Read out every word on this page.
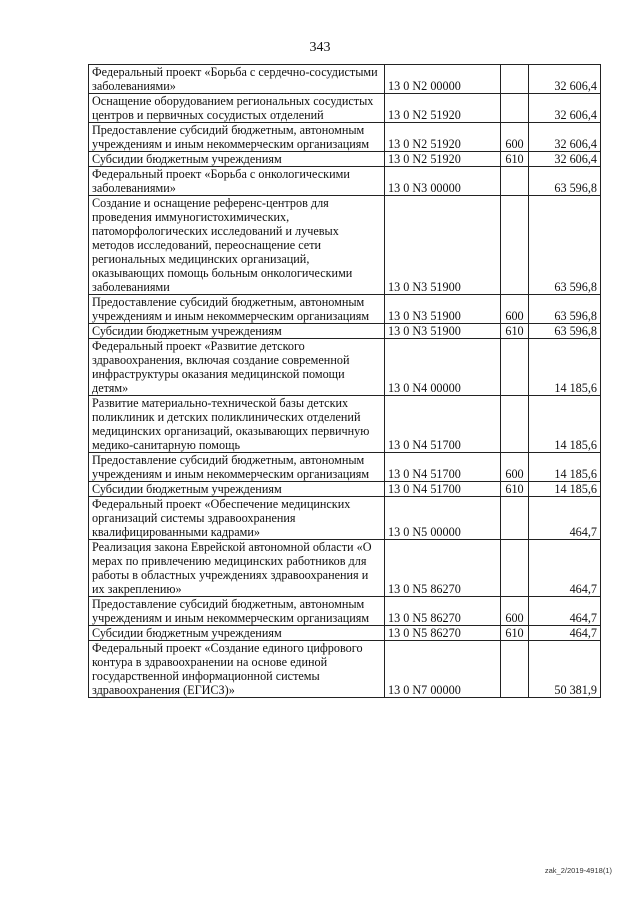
343
Федеральный проект «Борьба с сердечно-сосудистыми заболеваниями»	13 0 N2 00000		32 606,4
Оснащение оборудованием региональных сосудистых центров и первичных сосудистых отделений	13 0 N2 51920		32 606,4
Предоставление субсидий бюджетным, автономным учреждениям и иным некоммерческим организациям	13 0 N2 51920	600	32 606,4
Субсидии бюджетным учреждениям	13 0 N2 51920	610	32 606,4
Федеральный проект «Борьба с онкологическими заболеваниями»	13 0 N3 00000		63 596,8
Создание и оснащение референс-центров для проведения иммуногистохимических, патоморфологических исследований и лучевых методов исследований, переоснащение сети региональных медицинских организаций, оказывающих помощь больным онкологическими заболеваниями	13 0 N3 51900		63 596,8
Предоставление субсидий бюджетным, автономным учреждениям и иным некоммерческим организациям	13 0 N3 51900	600	63 596,8
Субсидии бюджетным учреждениям	13 0 N3 51900	610	63 596,8
Федеральный проект «Развитие детского здравоохранения, включая создание современной инфраструктуры оказания медицинской помощи детям»	13 0 N4 00000		14 185,6
Развитие материально-технической базы детских поликлиник и детских поликлинических отделений медицинских организаций, оказывающих первичную медико-санитарную помощь	13 0 N4 51700		14 185,6
Предоставление субсидий бюджетным, автономным учреждениям и иным некоммерческим организациям	13 0 N4 51700	600	14 185,6
Субсидии бюджетным учреждениям	13 0 N4 51700	610	14 185,6
Федеральный проект «Обеспечение медицинских организаций системы здравоохранения квалифицированными кадрами»	13 0 N5 00000		464,7
Реализация закона Еврейской автономной области «О мерах по привлечению медицинских работников для работы в областных учреждениях здравоохранения и их закреплению»	13 0 N5 86270		464,7
Предоставление субсидий бюджетным, автономным учреждениям и иным некоммерческим организациям	13 0 N5 86270	600	464,7
Субсидии бюджетным учреждениям	13 0 N5 86270	610	464,7
Федеральный проект «Создание единого цифрового контура в здравоохранении на основе единой государственной информационной системы здравоохранения (ЕГИСЗ)»	13 0 N7 00000		50 381,9
zak_2/2019-4918(1)
